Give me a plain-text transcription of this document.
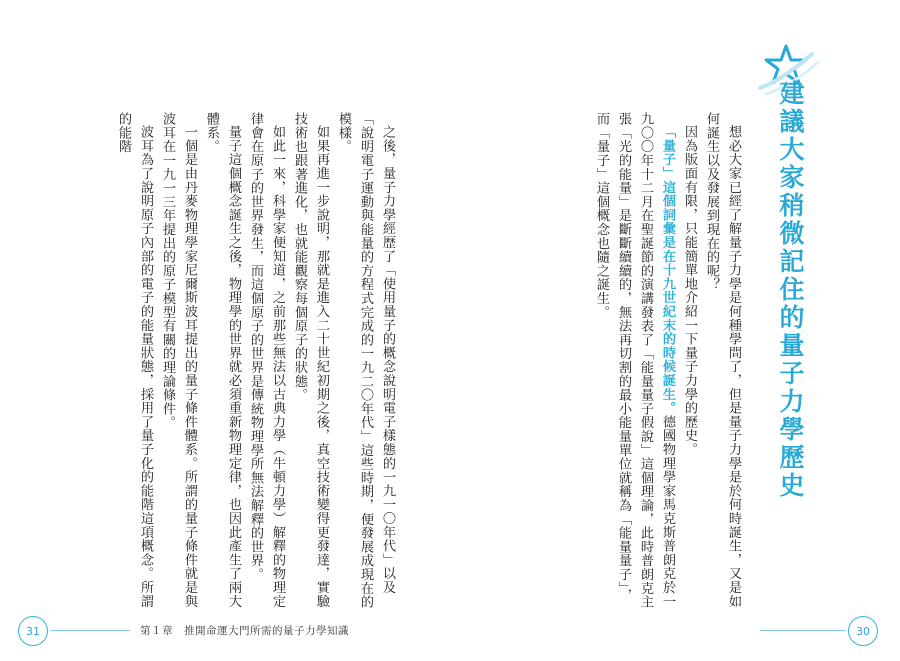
建議大家稍微記住的量子力學歷史

想必大家已經了解量子力學是何種學問了，但是量子力學是於何時誕生，又是如何誕生以及發展到現在的呢？

因為版面有限，只能簡單地介紹一下量子力學的歷史。

「量子」這個詞彙是在十九世紀末的時候誕生。德國物理學家馬克斯普朗克於一九〇〇年十二月在聖誕節的演講發表了「能量量子假說」這個理論，此時普朗克主張「光的能量」是斷斷續續的，無法再切割的最小能量單位就稱為「能量量子」，而「量子」這個概念也隨之誕生。

之後，量子力學經歷了「使用量子的概念說明電子樣態的一九一〇年代」以及「說明電子運動與能量的方程式完成的一九二〇年代」這些時期，便發展成現在的模樣。

如果再進一步說明，那就是進入二十世紀初期之後，真空技術變得更發達，實驗技術也跟著進化，也就能觀察每個原子的狀態。

如此一來，科學家便知道，之前那些無法以古典力學（牛頓力學）解釋的物理定律會在原子的世界發生，而這個原子的世界是傳統物理學所無法解釋的世界。

量子這個概念誕生之後，物理學的世界就必須重新物理定律，也因此產生了兩大體系。

一個是由丹麥物理學家尼爾斯波耳提出的量子條件體系。所謂的量子條件就是與波耳在一九一三年提出的原子模型有關的理論條件。

波耳為了說明原子內部的電子的能量狀態，採用了量子化的能階這項概念。所謂的能階

31	第１章　推開命運大門所需的量子力學知識	30
